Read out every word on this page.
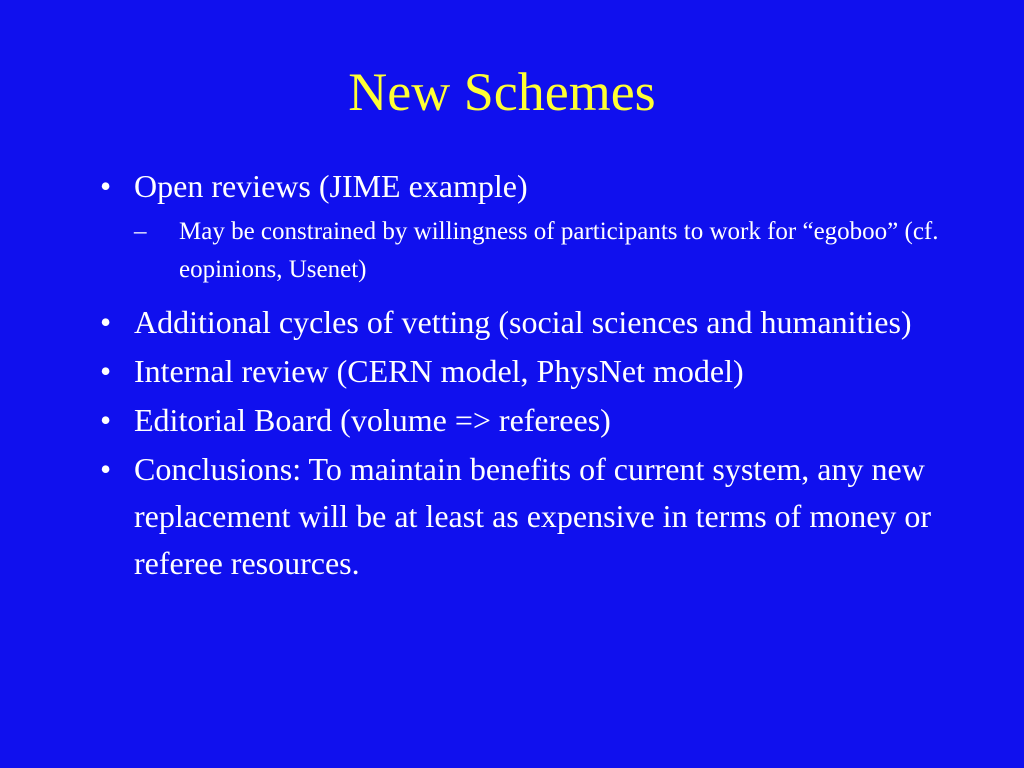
New Schemes
• Open reviews (JIME example)
– May be constrained by willingness of participants to work for “egoboo” (cf. eopinions, Usenet)
• Additional cycles of vetting (social sciences and humanities)
• Internal review (CERN model, PhysNet model)
• Editorial Board (volume => referees)
• Conclusions: To maintain benefits of current system, any new replacement will be at least as expensive in terms of money or referee resources.
